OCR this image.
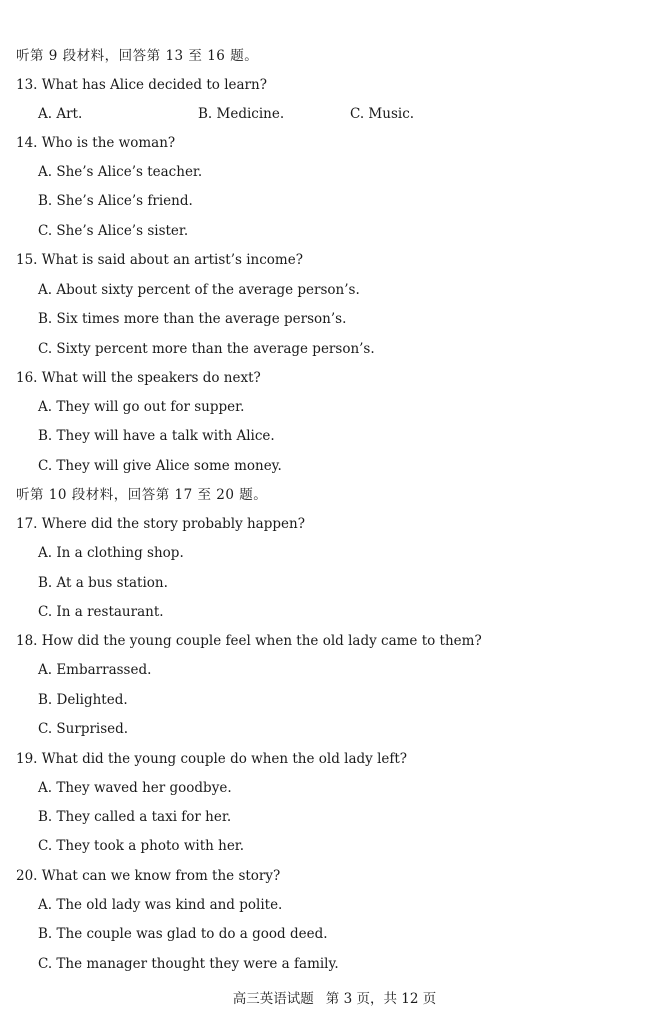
听第 9 段材料，回答第 13 至 16 题。
13. What has Alice decided to learn?
A. Art.	B. Medicine.	C. Music.
14. Who is the woman?
A. She’s Alice’s teacher.
B. She’s Alice’s friend.
C. She’s Alice’s sister.
15. What is said about an artist’s income?
A. About sixty percent of the average person’s.
B. Six times more than the average person’s.
C. Sixty percent more than the average person’s.
16. What will the speakers do next?
A. They will go out for supper.
B. They will have a talk with Alice.
C. They will give Alice some money.
听第 10 段材料，回答第 17 至 20 题。
17. Where did the story probably happen?
A. In a clothing shop.
B. At a bus station.
C. In a restaurant.
18. How did the young couple feel when the old lady came to them?
A. Embarrassed.
B. Delighted.
C. Surprised.
19. What did the young couple do when the old lady left?
A. They waved her goodbye.
B. They called a taxi for her.
C. They took a photo with her.
20. What can we know from the story?
A. The old lady was kind and polite.
B. The couple was glad to do a good deed.
C. The manager thought they were a family.
高三英语试题 第 3 页，共 12 页
